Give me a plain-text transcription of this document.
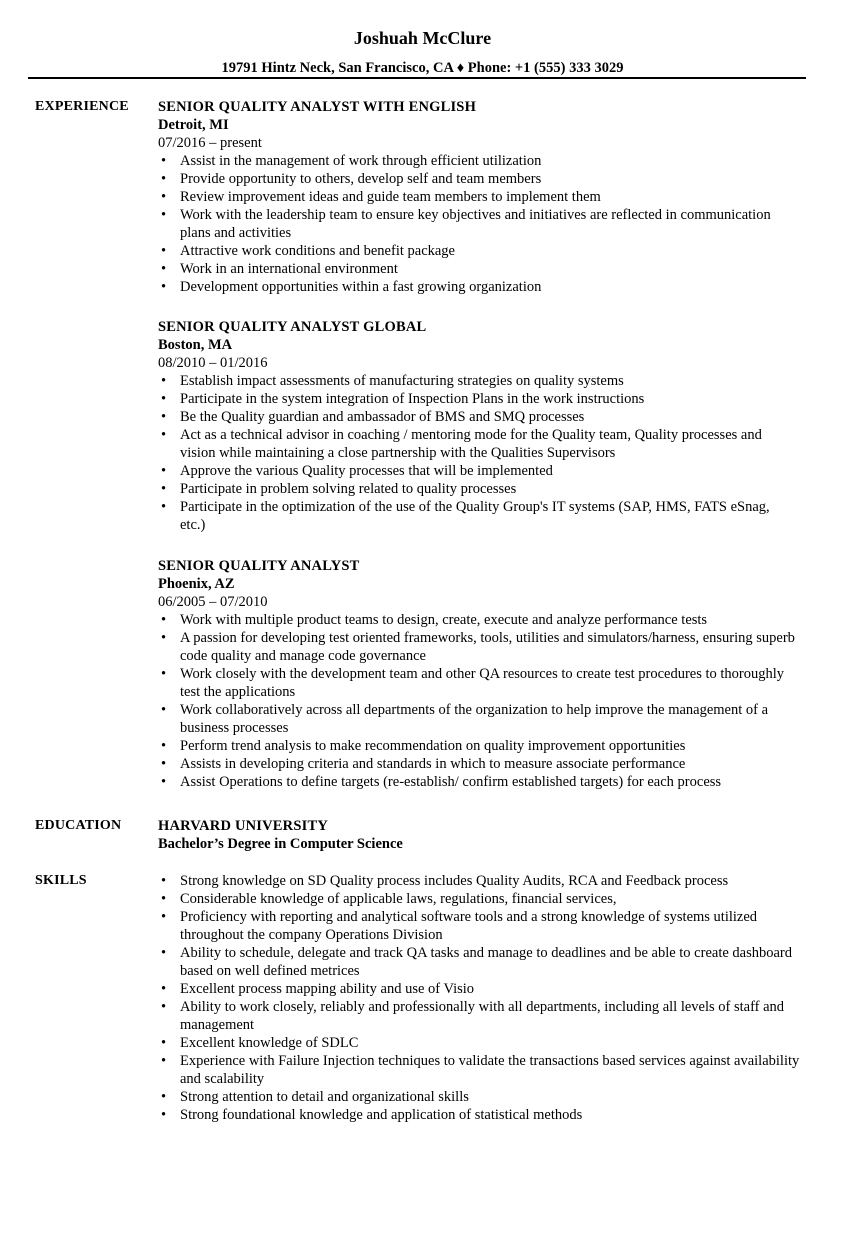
Joshuah McClure
19791 Hintz Neck, San Francisco, CA ♦ Phone: +1 (555) 333 3029
EXPERIENCE SENIOR QUALITY ANALYST WITH ENGLISH
Detroit, MI
07/2016 – present
• Assist in the management of work through efficient utilization
• Provide opportunity to others, develop self and team members
• Review improvement ideas and guide team members to implement them
• Work with the leadership team to ensure key objectives and initiatives are reflected in communication
plans and activities
• Attractive work conditions and benefit package
• Work in an international environment
• Development opportunities within a fast growing organization
SENIOR QUALITY ANALYST GLOBAL
Boston, MA
08/2010 – 01/2016
• Establish impact assessments of manufacturing strategies on quality systems
• Participate in the system integration of Inspection Plans in the work instructions
• Be the Quality guardian and ambassador of BMS and SMQ processes
• Act as a technical advisor in coaching / mentoring mode for the Quality team, Quality processes and
vision while maintaining a close partnership with the Qualities Supervisors
• Approve the various Quality processes that will be implemented
• Participate in problem solving related to quality processes
• Participate in the optimization of the use of the Quality Group's IT systems (SAP, HMS, FATS eSnag,
etc.)
SENIOR QUALITY ANALYST
Phoenix, AZ
06/2005 – 07/2010
• Work with multiple product teams to design, create, execute and analyze performance tests
• A passion for developing test oriented frameworks, tools, utilities and simulators/harness, ensuring superb
code quality and manage code governance
• Work closely with the development team and other QA resources to create test procedures to thoroughly
test the applications
• Work collaboratively across all departments of the organization to help improve the management of a
business processes
• Perform trend analysis to make recommendation on quality improvement opportunities
• Assists in developing criteria and standards in which to measure associate performance
• Assist Operations to define targets (re-establish/ confirm established targets) for each process
EDUCATION	HARVARD UNIVERSITY
Bachelor’s Degree in Computer Science
SKILLS	• Strong knowledge on SD Quality process includes Quality Audits, RCA and Feedback process
• Considerable knowledge of applicable laws, regulations, financial services,
• Proficiency with reporting and analytical software tools and a strong knowledge of systems utilized
throughout the company Operations Division
• Ability to schedule, delegate and track QA tasks and manage to deadlines and be able to create dashboard
based on well defined metrices
• Excellent process mapping ability and use of Visio
• Ability to work closely, reliably and professionally with all departments, including all levels of staff and
management
• Excellent knowledge of SDLC
• Experience with Failure Injection techniques to validate the transactions based services against availability
and scalability
• Strong attention to detail and organizational skills
• Strong foundational knowledge and application of statistical methods
